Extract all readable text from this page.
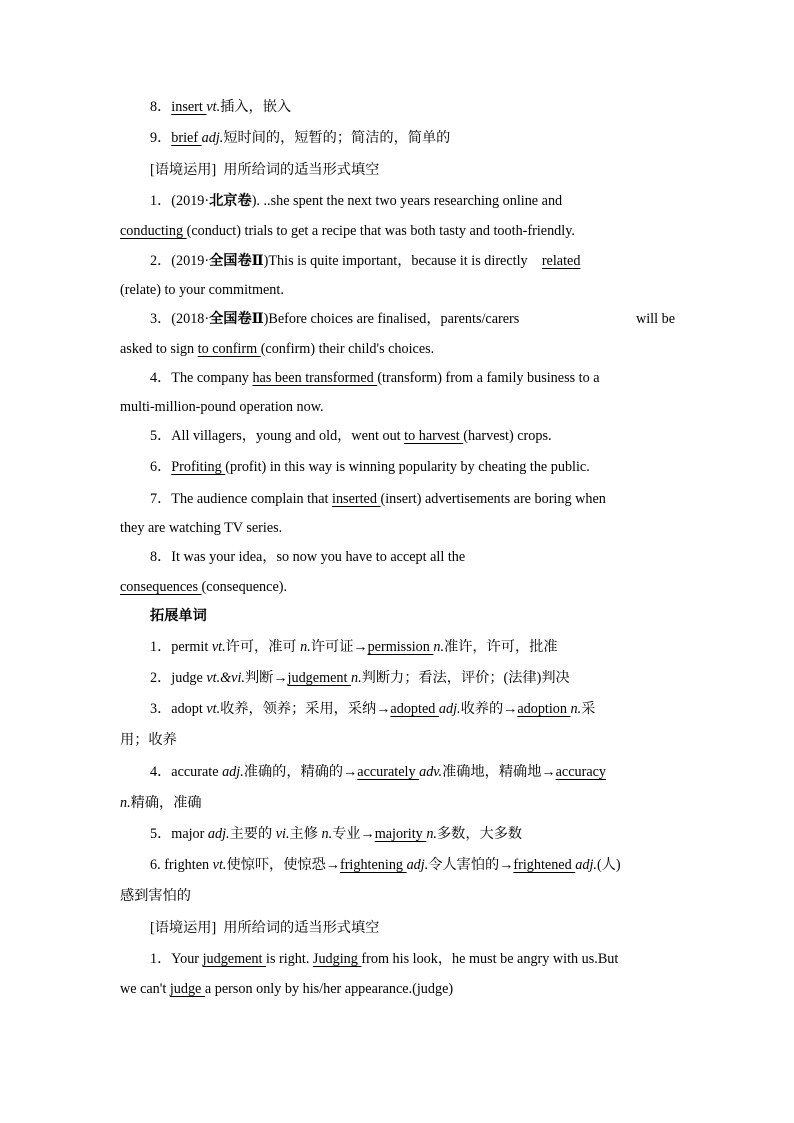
8．insert vt.插入，嵌入
9．brief adj.短时间的，短暂的；简洁的，简单的
[语境运用] 用所给词的适当形式填空
1．(2019·北京卷). ..she spent the next two years researching online and
conducting (conduct) trials to get a recipe that was both tasty and tooth-friendly.
2．(2019·全国卷Ⅱ)This is quite important，because it is directly related
(relate) to your commitment.
3．(2018·全国卷Ⅱ)Before choices are finalised，parents/carers	will be
asked to sign to confirm (confirm) their child's choices.
4．The company has been transformed (transform) from a family business to a
multi-million-pound operation now.
5．All villagers，young and old，went out to harvest (harvest) crops.
6．Profiting (profit) in this way is winning popularity by cheating the public.
7．The audience complain that inserted (insert) advertisements are boring when
they are watching TV series.
8．It was your idea，so now you have to accept all the
consequences (consequence).
拓展单词
1．permit vt.许可，准可 n.许可证→permission n.准许，许可，批准
2．judge vt.&vi.判断→judgement n.判断力；看法，评价；(法律)判决
3．adopt vt.收养，领养；采用，采纳→adopted adj.收养的→adoption n.采
用；收养
4．accurate adj.准确的，精确的→accurately adv.准确地，精确地→accuracy
n.精确，准确
5．major adj.主要的 vi.主修 n.专业→majority n.多数，大多数
6. frighten vt.使惊吓，使惊恐→frightening adj.令人害怕的→frightened adj.(人)
感到害怕的
[语境运用] 用所给词的适当形式填空
1．Your judgement is right. Judging from his look，he must be angry with us.But
we can't judge a person only by his/her appearance.(judge)
